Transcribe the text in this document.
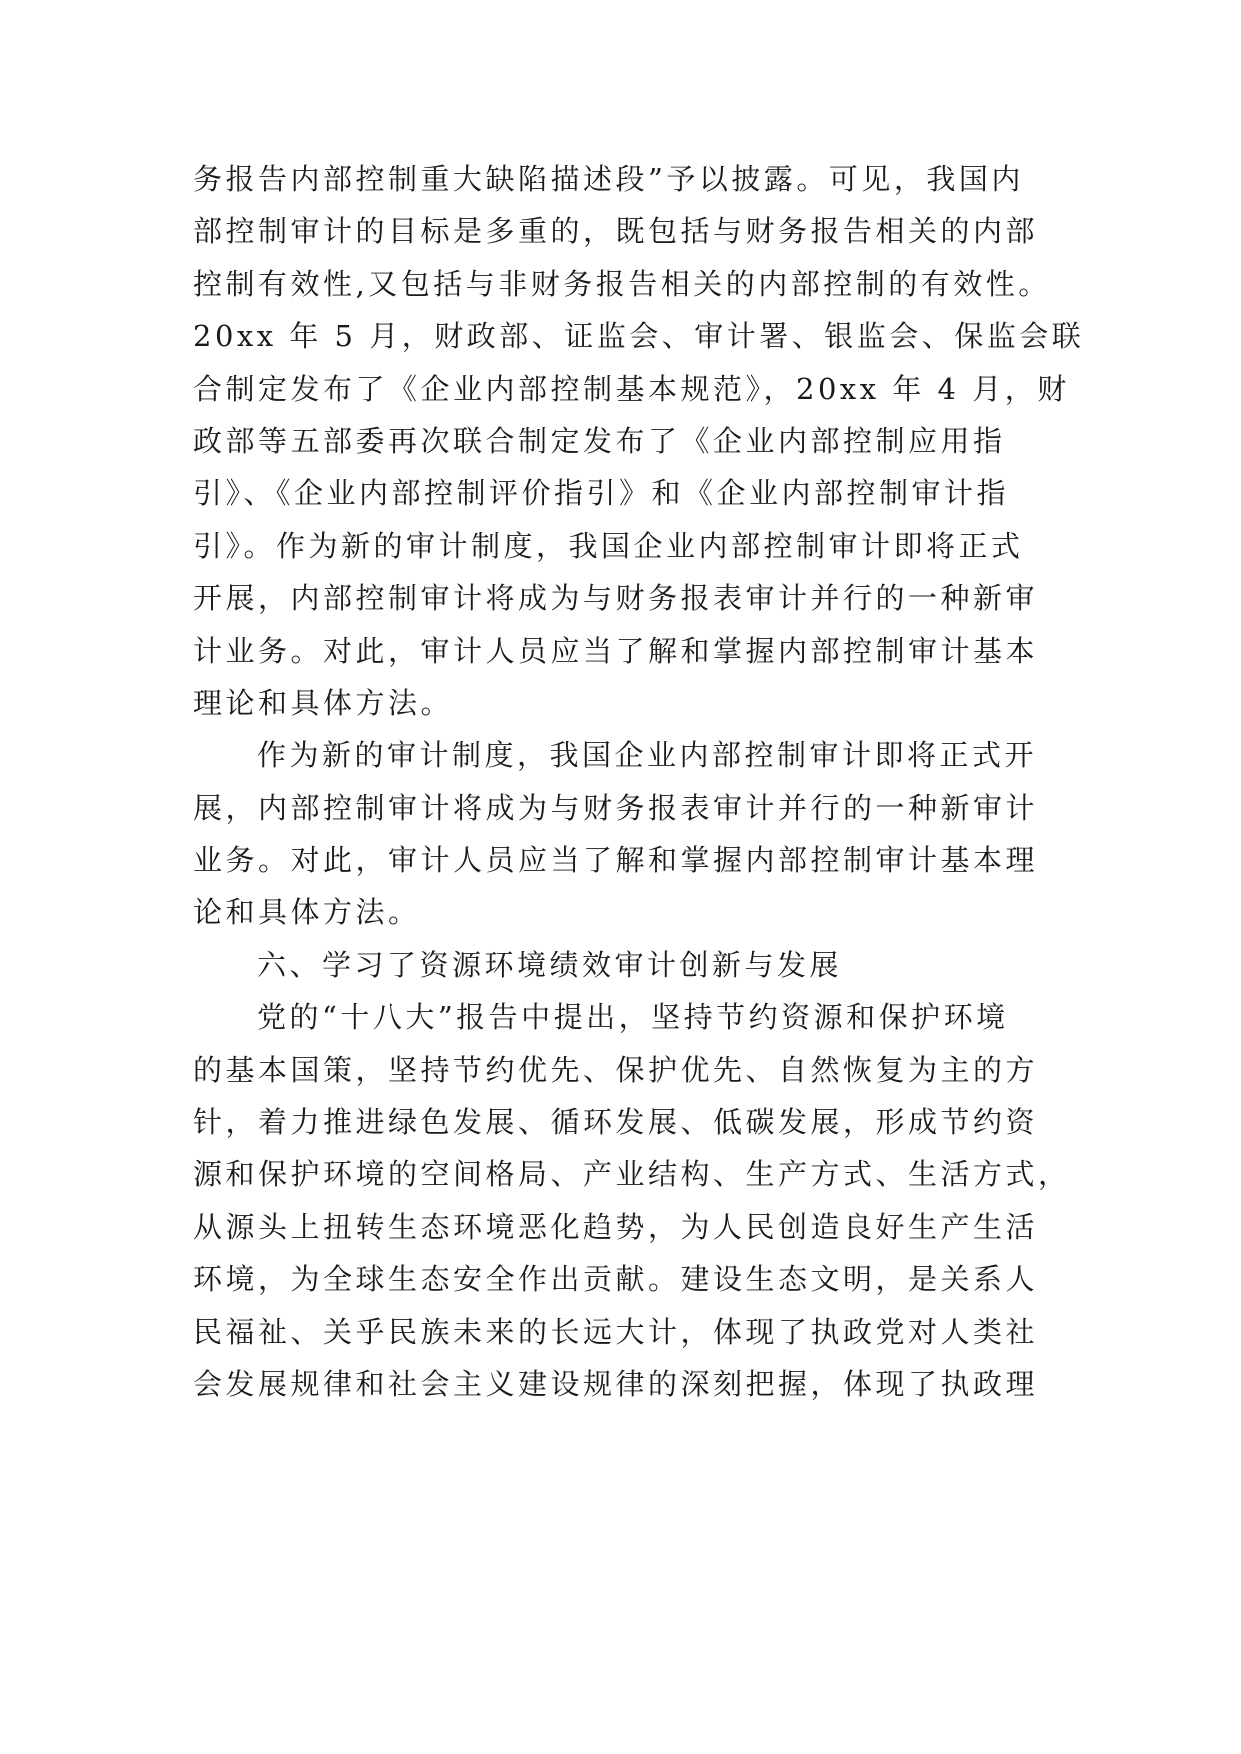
务报告内部控制重大缺陷描述段”予以披露。可见，我国内
部控制审计的目标是多重的，既包括与财务报告相关的内部
控制有效性,又包括与非财务报告相关的内部控制的有效性。
20xx 年 5 月，财政部、证监会、审计署、银监会、保监会联
合制定发布了《企业内部控制基本规范》，20xx 年 4 月，财
政部等五部委再次联合制定发布了《企业内部控制应用指
引》、《企业内部控制评价指引》和《企业内部控制审计指
引》。作为新的审计制度，我国企业内部控制审计即将正式
开展，内部控制审计将成为与财务报表审计并行的一种新审
计业务。对此，审计人员应当了解和掌握内部控制审计基本
理论和具体方法。
作为新的审计制度，我国企业内部控制审计即将正式开
展，内部控制审计将成为与财务报表审计并行的一种新审计
业务。对此，审计人员应当了解和掌握内部控制审计基本理
论和具体方法。
六、学习了资源环境绩效审计创新与发展
党的“十八大”报告中提出，坚持节约资源和保护环境
的基本国策，坚持节约优先、保护优先、自然恢复为主的方
针，着力推进绿色发展、循环发展、低碳发展，形成节约资
源和保护环境的空间格局、产业结构、生产方式、生活方式，
从源头上扭转生态环境恶化趋势，为人民创造良好生产生活
环境，为全球生态安全作出贡献。建设生态文明，是关系人
民福祉、关乎民族未来的长远大计，体现了执政党对人类社
会发展规律和社会主义建设规律的深刻把握，体现了执政理
